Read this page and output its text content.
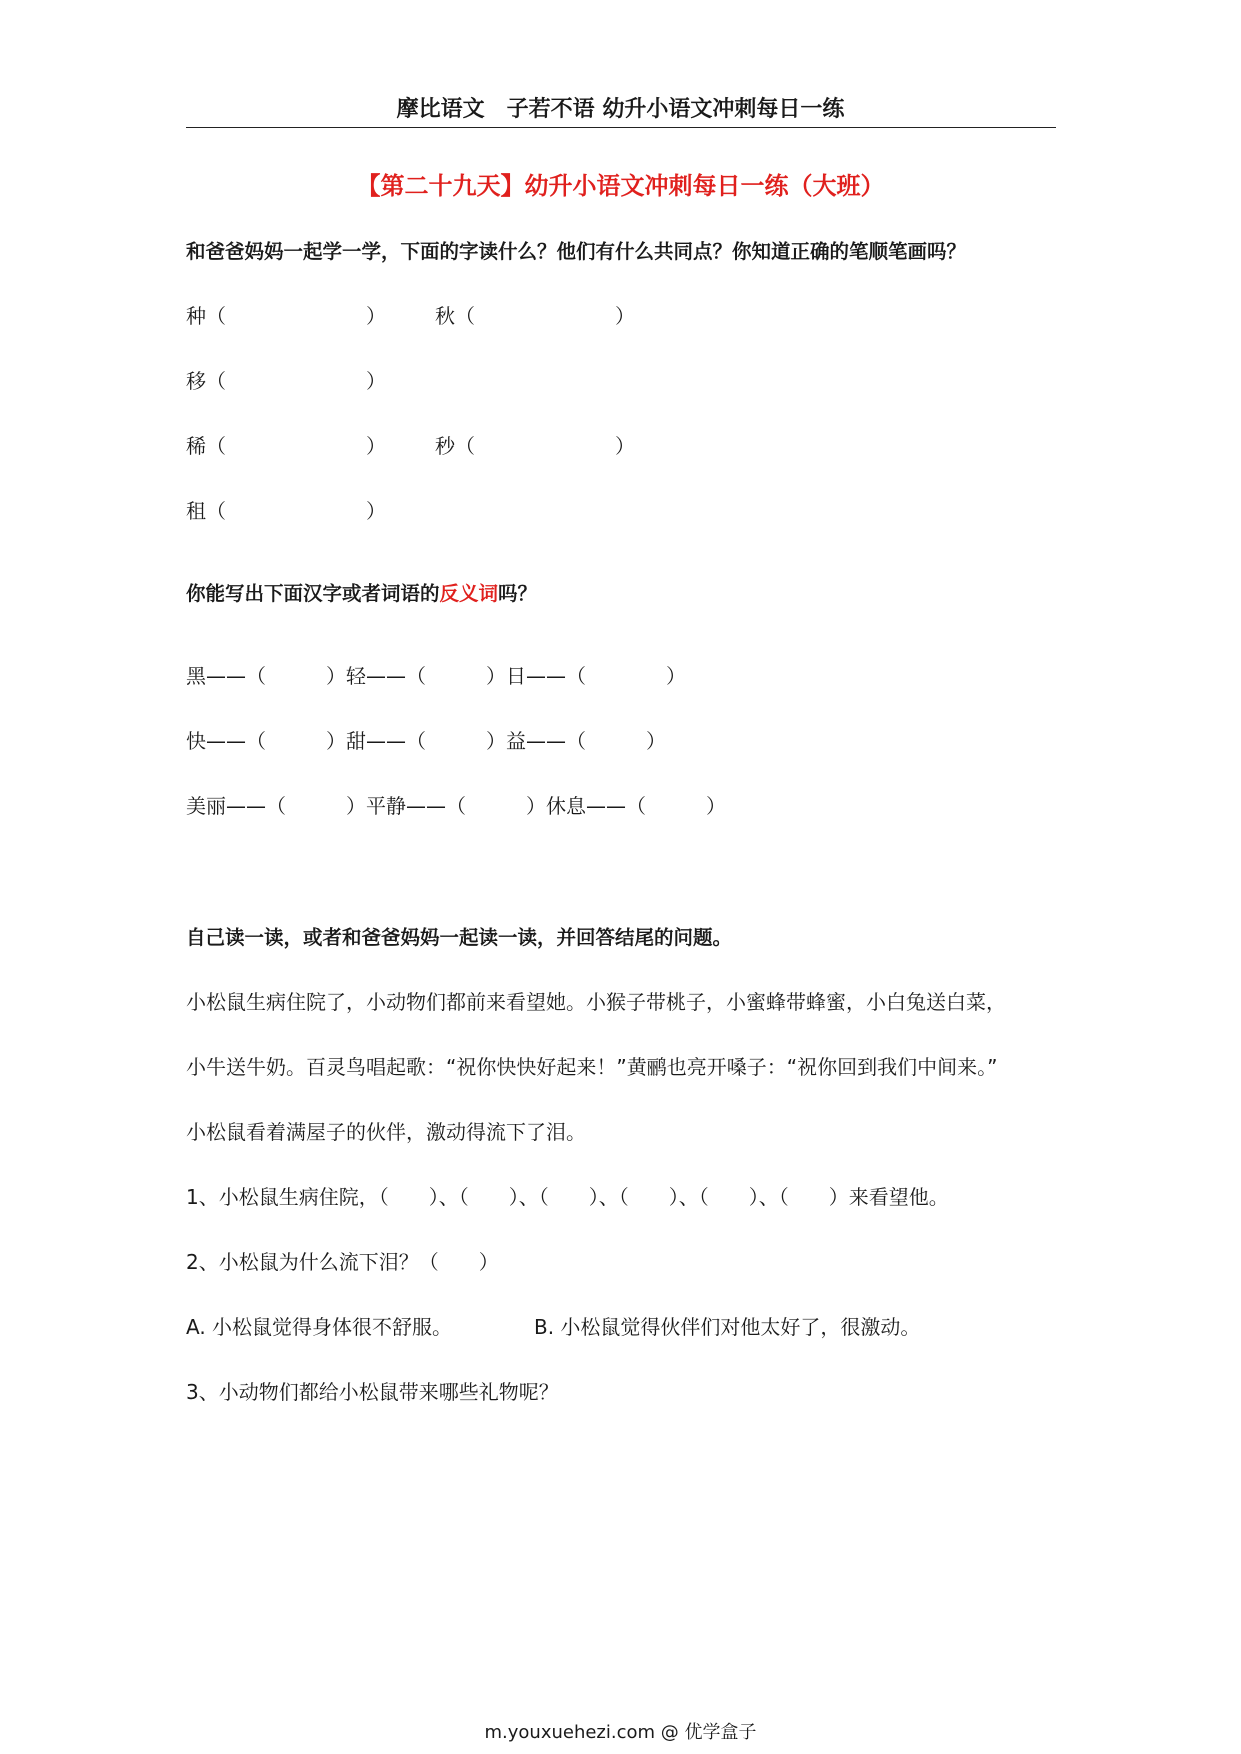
摩比语文　子若不语 幼升小语文冲刺每日一练
【第二十九天】幼升小语文冲刺每日一练（大班）
和爸爸妈妈一起学一学，下面的字读什么？他们有什么共同点？你知道正确的笔顺笔画吗？
种（　　　　　　　） 秋（　　　　　　　）
移（　　　　　　　）
稀（　　　　　　　） 秒（　　　　　　　）
租（　　　　　　　）
你能写出下面汉字或者词语的反义词吗？
黑——（　　　） 轻——（　　　） 日——（　　　　）
快——（　　　） 甜——（　　　） 益——（　　　）
美丽——（　　　） 平静——（　　　） 休息——（　　　）
自己读一读，或者和爸爸妈妈一起读一读，并回答结尾的问题。
小松鼠生病住院了，小动物们都前来看望她。小猴子带桃子，小蜜蜂带蜂蜜，小白兔送白菜，
小牛送牛奶。百灵鸟唱起歌：“祝你快快好起来！”黄鹂也亮开嗓子：“祝你回到我们中间来。”
小松鼠看着满屋子的伙伴，激动得流下了泪。
1、小松鼠生病住院，（　　）、（　　）、（　　）、（　　）、（　　）、（　　）来看望他。
2、小松鼠为什么流下泪？（　　）
A. 小松鼠觉得身体很不舒服。	B. 小松鼠觉得伙伴们对他太好了，很激动。
3、小动物们都给小松鼠带来哪些礼物呢？
m.youxuehezi.com @ 优学盒子
